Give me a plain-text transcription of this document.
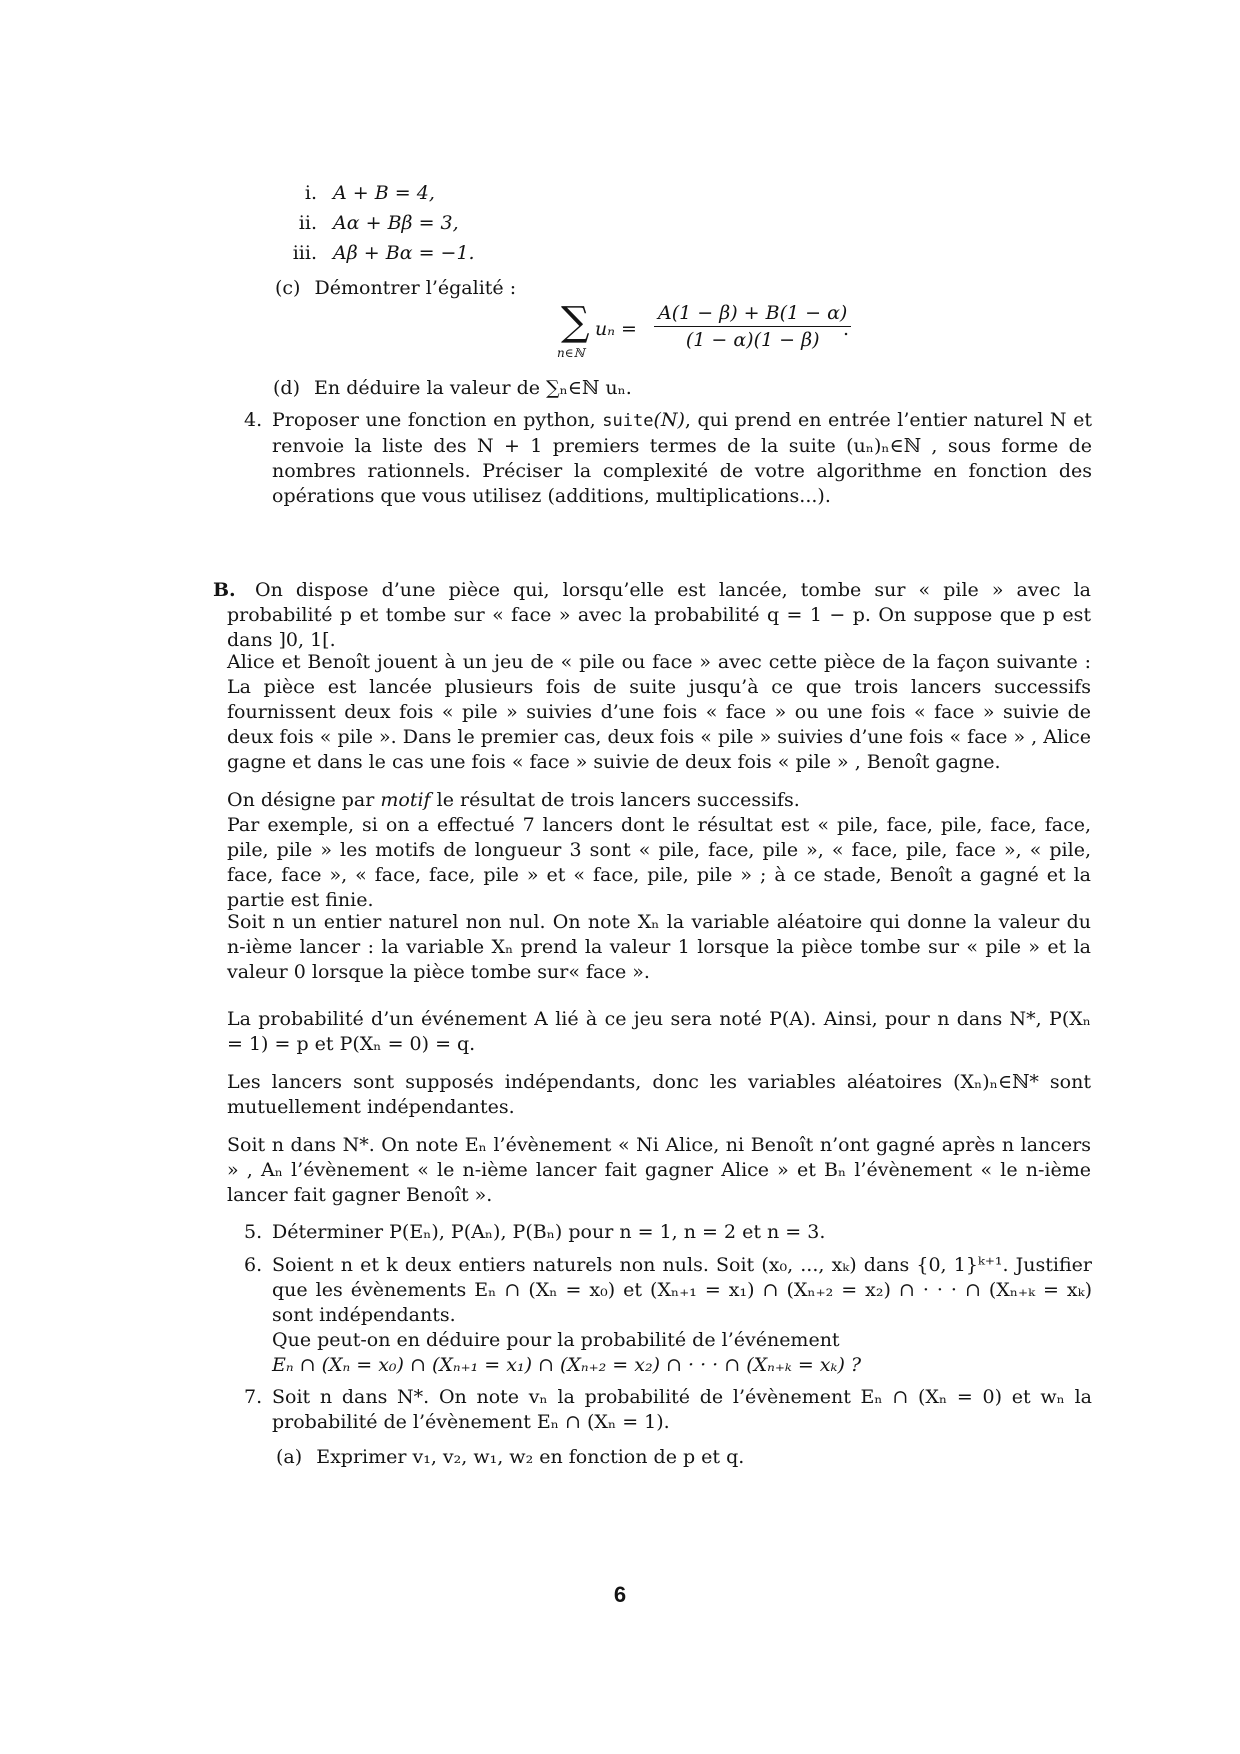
i. A + B = 4,
ii. Aα + Bβ = 3,
iii. Aβ + Bα = −1.
(c) Démontrer l’égalité :
∑
n∈ℕ
$u_n = \frac{A(1 - \beta) + B(1 - \alpha)}{(1 - \alpha)(1 - \beta)}$
.
(d) En déduire la valeur de ∑ₙ∈ℕ uₙ.
4. Proposer une fonction en python, suite(N), qui prend en entrée l’entier naturel N et renvoie la liste des N + 1 premiers termes de la suite (uₙ)ₙ∈ℕ , sous forme de nombres rationnels. Préciser la complexité de votre algorithme en fonction des opérations que vous utilisez (additions, multiplications...).
B.	On dispose d’une pièce qui, lorsqu’elle est lancée, tombe sur « pile » avec la probabilité p et tombe sur « face » avec la probabilité q = 1 − p. On suppose que p est dans ]0, 1[.
Alice et Benoît jouent à un jeu de « pile ou face » avec cette pièce de la façon suivante : La pièce est lancée plusieurs fois de suite jusqu’à ce que trois lancers successifs fournissent deux fois « pile » suivies d’une fois « face » ou une fois « face » suivie de deux fois « pile ». Dans le premier cas, deux fois « pile » suivies d’une fois « face » , Alice gagne et dans le cas une fois « face » suivie de deux fois « pile » , Benoît gagne.
On désigne par motif le résultat de trois lancers successifs.
Par exemple, si on a effectué 7 lancers dont le résultat est « pile, face, pile, face, face, pile, pile » les motifs de longueur 3 sont « pile, face, pile », « face, pile, face », « pile, face, face », « face, face, pile » et « face, pile, pile » ; à ce stade, Benoît a gagné et la partie est finie.
Soit n un entier naturel non nul. On note Xₙ la variable aléatoire qui donne la valeur du n-ième lancer : la variable Xₙ prend la valeur 1 lorsque la pièce tombe sur « pile » et la valeur 0 lorsque la pièce tombe sur« face ».
La probabilité d’un événement A lié à ce jeu sera noté P(A). Ainsi, pour n dans N*, P(Xₙ = 1) = p et P(Xₙ = 0) = q.
Les lancers sont supposés indépendants, donc les variables aléatoires (Xₙ)ₙ∈ℕ* sont mutuellement indépendantes.
Soit n dans N*. On note Eₙ l’évènement « Ni Alice, ni Benoît n’ont gagné après n lancers » , Aₙ l’évènement « le n-ième lancer fait gagner Alice » et Bₙ l’évènement « le n-ième lancer fait gagner Benoît ».
5. Déterminer P(Eₙ), P(Aₙ), P(Bₙ) pour n = 1, n = 2 et n = 3.
6. Soient n et k deux entiers naturels non nuls. Soit (x₀, ..., xₖ) dans {0, 1}ᵏ⁺¹. Justifier que les évènements Eₙ ∩ (Xₙ = x₀) et (Xₙ₊₁ = x₁) ∩ (Xₙ₊₂ = x₂) ∩ · · · ∩ (Xₙ₊ₖ = xₖ) sont indépendants.
Que peut-on en déduire pour la probabilité de l’événement
Eₙ ∩ (Xₙ = x₀) ∩ (Xₙ₊₁ = x₁) ∩ (Xₙ₊₂ = x₂) ∩ · · · ∩ (Xₙ₊ₖ = xₖ) ?
7. Soit n dans N*. On note vₙ la probabilité de l’évènement Eₙ ∩ (Xₙ = 0) et wₙ la probabilité de l’évènement Eₙ ∩ (Xₙ = 1).
(a) Exprimer v₁, v₂, w₁, w₂ en fonction de p et q.
6
